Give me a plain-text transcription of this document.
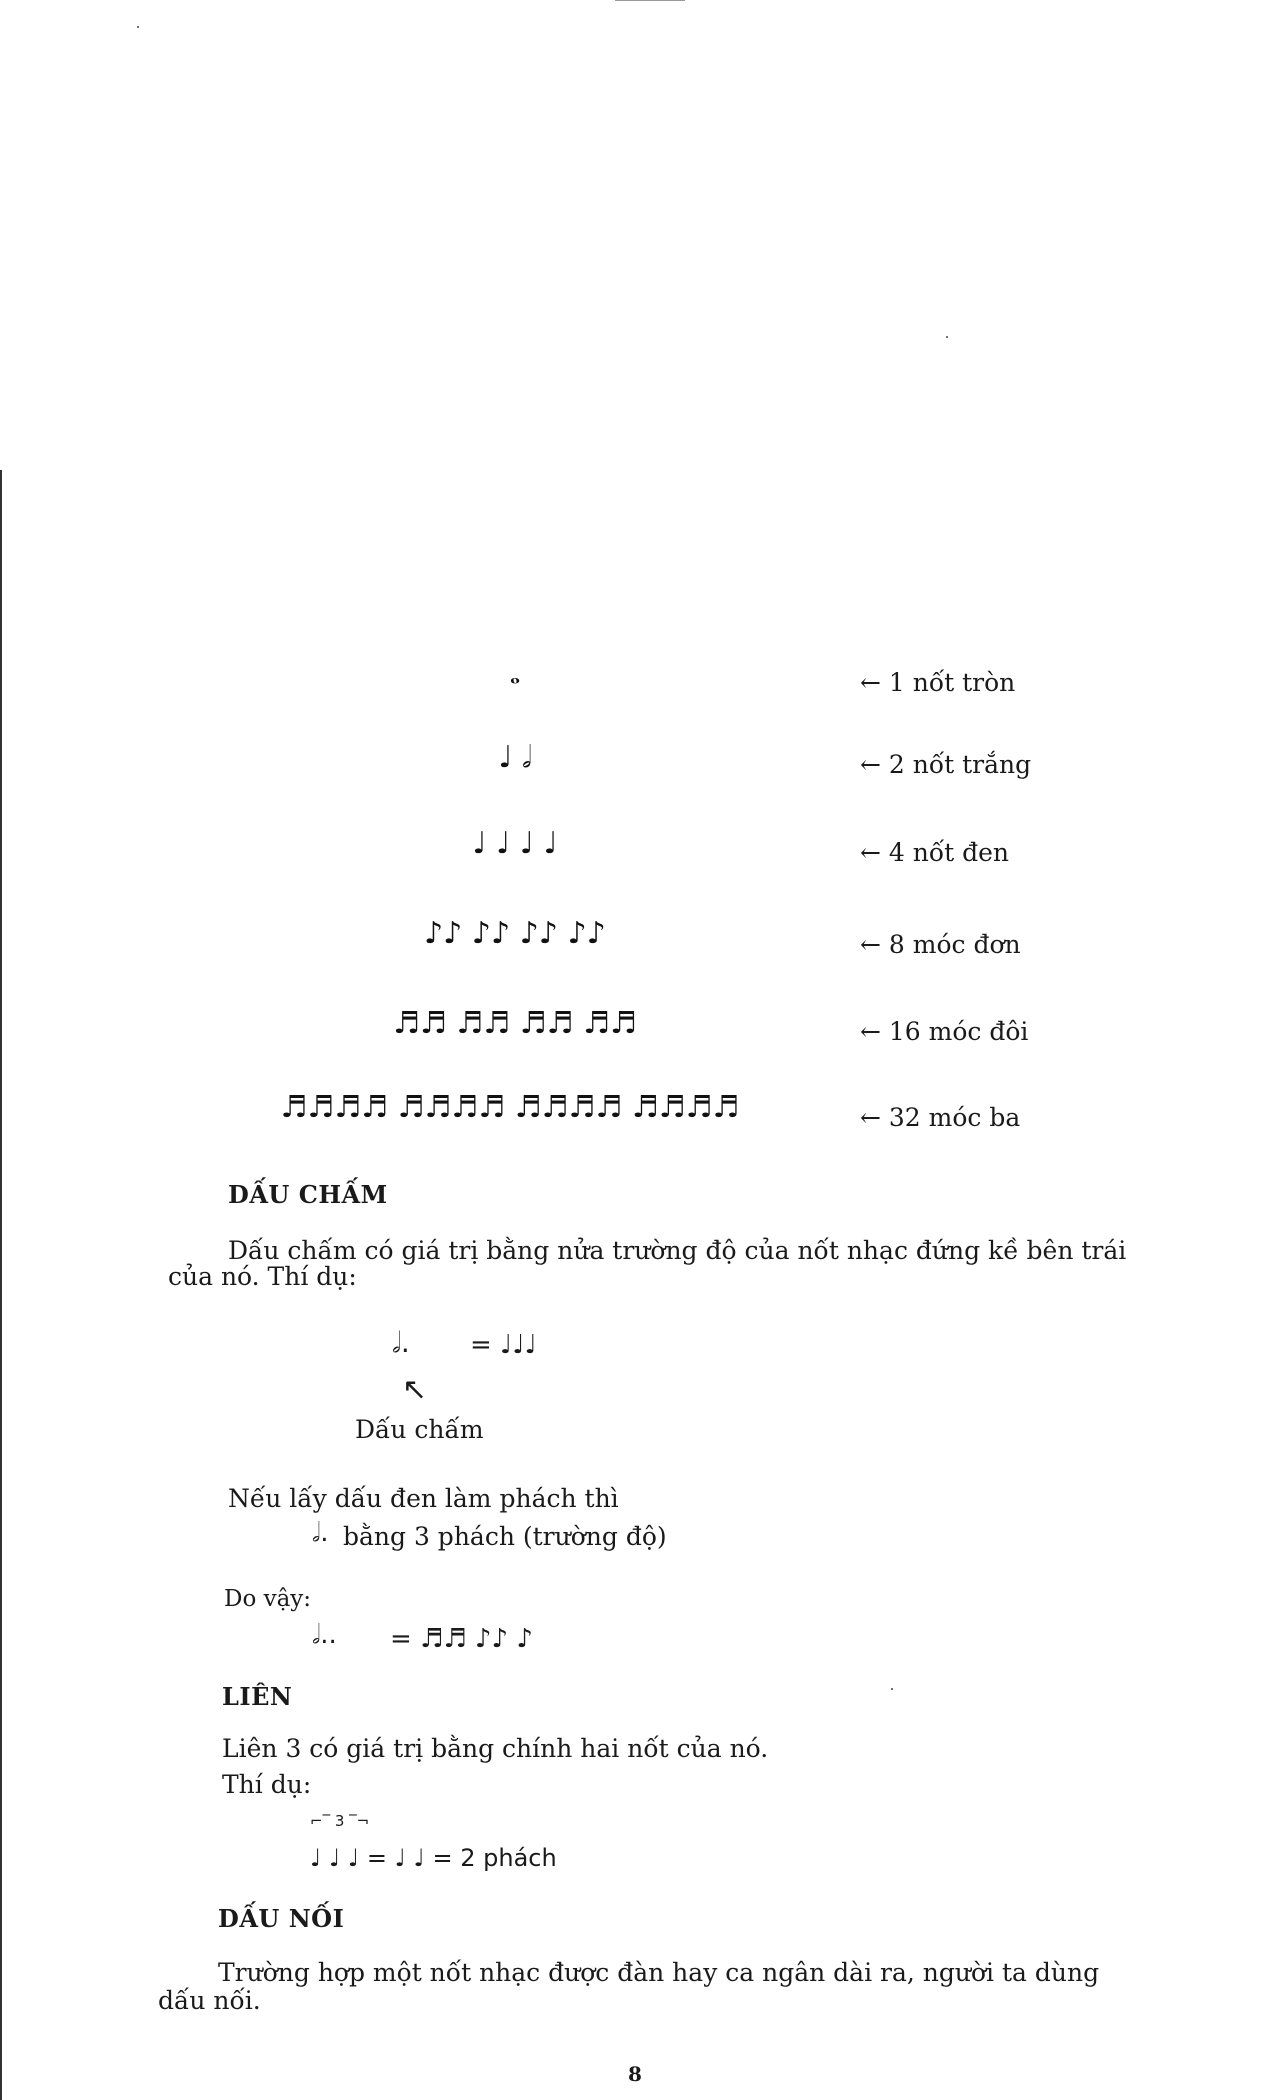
𝅝	← 1 nốt tròn
♩ 𝅗𝅥	← 2 nốt trắng
♩ ♩ ♩ ♩	← 4 nốt đen
♪♪ ♪♪ ♪♪ ♪♪	← 8 móc đơn
♬♬ ♬♬ ♬♬ ♬♬	← 16 móc đôi
♬♬♬♬ ♬♬♬♬ ♬♬♬♬ ♬♬♬♬	← 32 móc ba
DẤU CHẤM
Dấu chấm có giá trị bằng nửa trường độ của nốt nhạc đứng kề bên trái
của nó. Thí dụ:
𝅗𝅥. = ♩♩♩
↖
Dấu chấm
Nếu lấy dấu đen làm phách thì
𝅗𝅥. bằng 3 phách (trường độ)
Do vậy:
𝅗𝅥.. = ♬♬ ♪♪ ♪
LIÊN
Liên 3 có giá trị bằng chính hai nốt của nó.
Thí dụ:
⌐‾ 3 ‾¬
♩ ♩ ♩ = ♩ ♩ = 2 phách
DẤU NỐI
Trường hợp một nốt nhạc được đàn hay ca ngân dài ra, người ta dùng
dấu nối.
8
